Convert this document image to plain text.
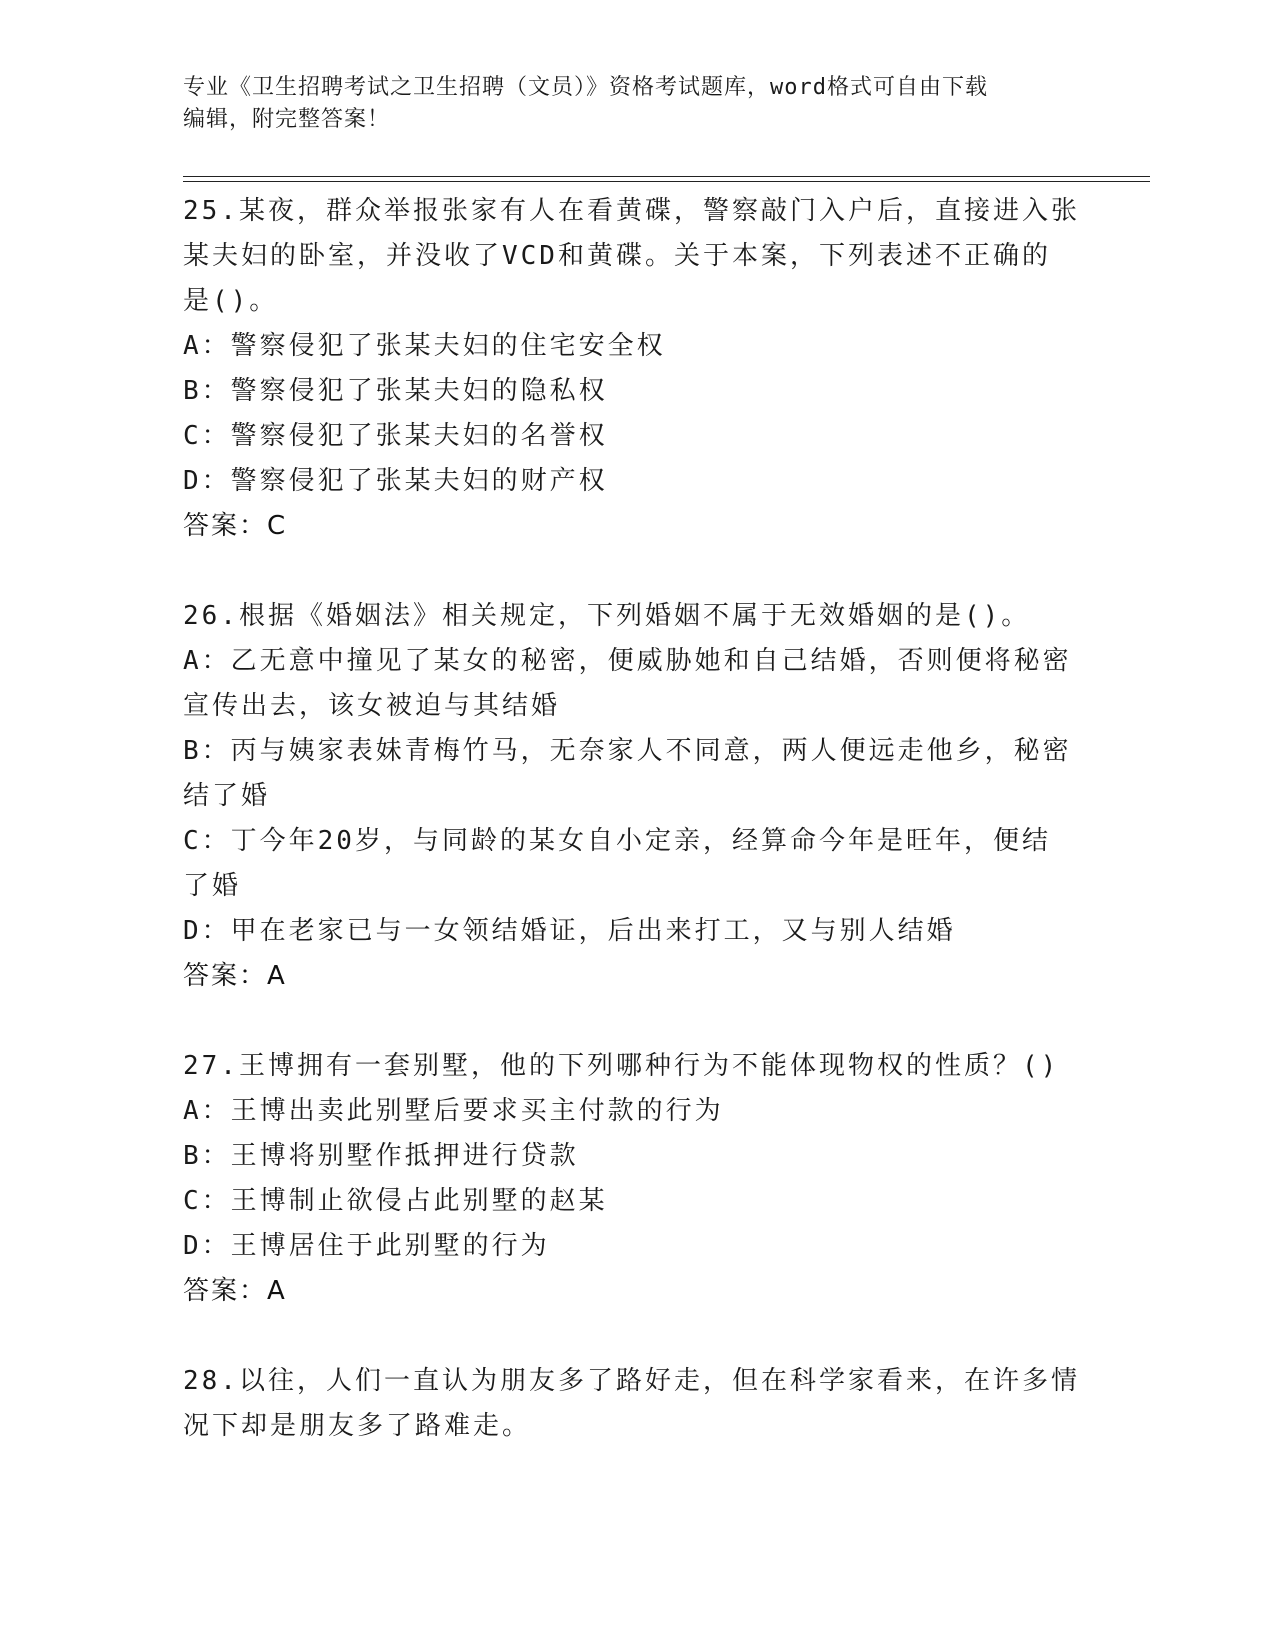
专业《卫生招聘考试之卫生招聘（文员）》资格考试题库，word格式可自由下载
编辑，附完整答案！
25.某夜，群众举报张家有人在看黄碟，警察敲门入户后，直接进入张
某夫妇的卧室，并没收了VCD和黄碟。关于本案，下列表述不正确的
是()。
A：警察侵犯了张某夫妇的住宅安全权
B：警察侵犯了张某夫妇的隐私权
C：警察侵犯了张某夫妇的名誉权
D：警察侵犯了张某夫妇的财产权
答案：C
26.根据《婚姻法》相关规定，下列婚姻不属于无效婚姻的是()。
A：乙无意中撞见了某女的秘密，便威胁她和自己结婚，否则便将秘密
宣传出去，该女被迫与其结婚
B：丙与姨家表妹青梅竹马，无奈家人不同意，两人便远走他乡，秘密
结了婚
C：丁今年20岁，与同龄的某女自小定亲，经算命今年是旺年，便结
了婚
D：甲在老家已与一女领结婚证，后出来打工，又与别人结婚
答案：A
27.王博拥有一套别墅，他的下列哪种行为不能体现物权的性质？()
A：王博出卖此别墅后要求买主付款的行为
B：王博将别墅作抵押进行贷款
C：王博制止欲侵占此别墅的赵某
D：王博居住于此别墅的行为
答案：A
28.以往，人们一直认为朋友多了路好走，但在科学家看来，在许多情
况下却是朋友多了路难走。
